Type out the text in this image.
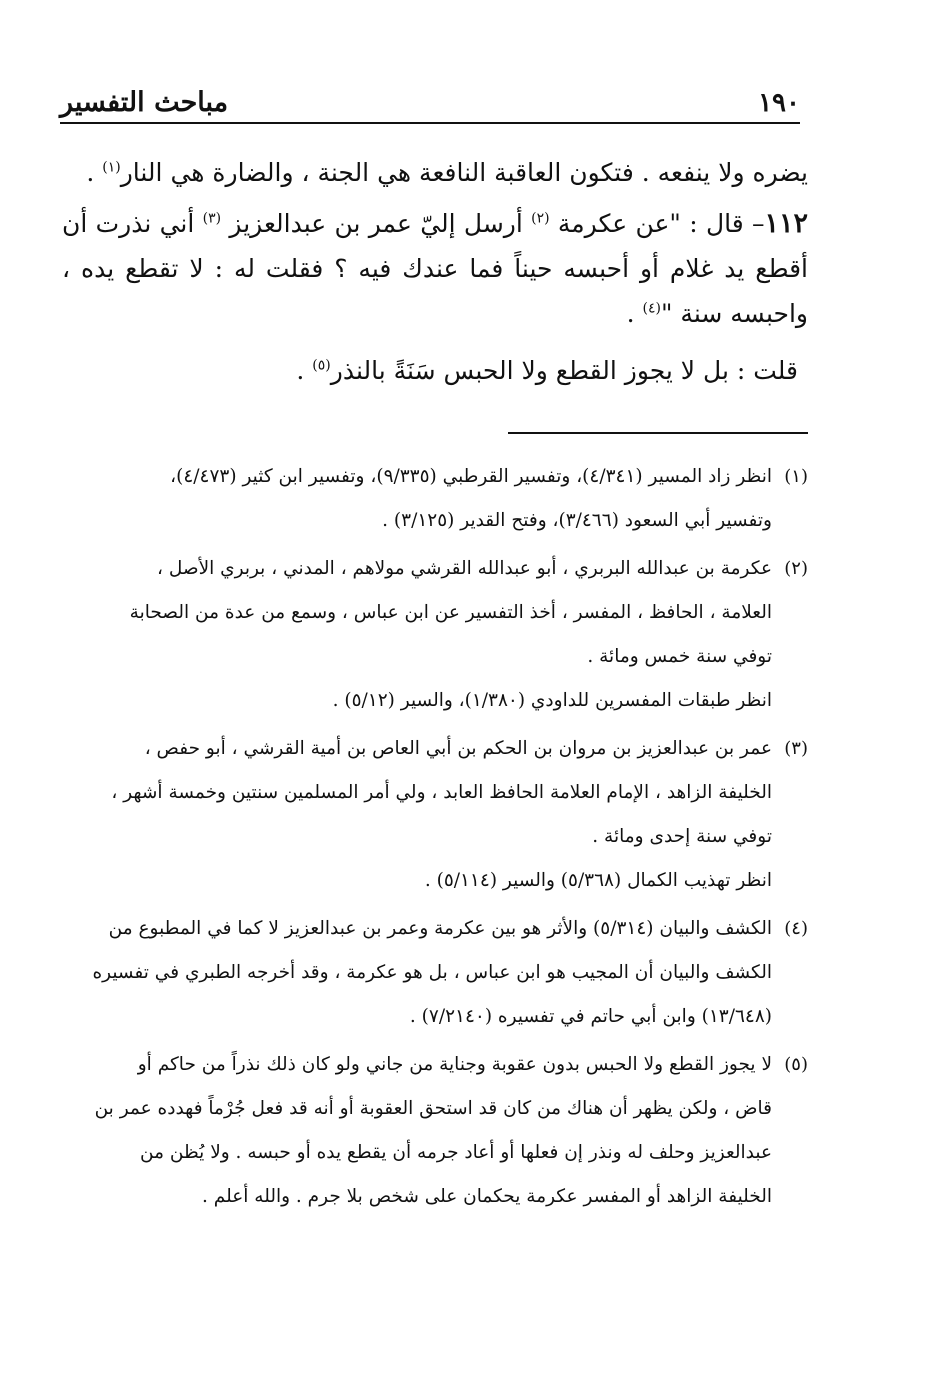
١٩٠
مباحث التفسير

يضره ولا ينفعه . فتكون العاقبة النافعة هي الجنة ، والضارة هي النار$^{(١)}$ .

١١٢– قال : "عن عكرمة $^{(٢)}$ أرسل إليّ عمر بن عبدالعزيز $^{(٣)}$ أني نذرت أن أقطع يد غلام أو أحبسه حيناً فما عندك فيه ؟ فقلت له : لا تقطع يده ، واحبسه سنة "$^{(٤)}$ .

قلت : بل لا يجوز القطع ولا الحبس سَنَةً بالنذر$^{(٥)}$ .

(١)

انظر زاد المسير (٤/٣٤١)، وتفسير القرطبي (٩/٣٣٥)، وتفسير ابن كثير (٤/٤٧٣)،

وتفسير أبي السعود (٣/٤٦٦)، وفتح القدير (٣/١٢٥) .

(٢)

عكرمة بن عبدالله البربري ، أبو عبدالله القرشي مولاهم ، المدني ، بربري الأصل ،

العلامة ، الحافظ ، المفسر ، أخذ التفسير عن ابن عباس ، وسمع من عدة من الصحابة

توفي سنة خمس ومائة .

انظر طبقات المفسرين للداودي (١/٣٨٠)، والسير (٥/١٢) .

(٣)

عمر بن عبدالعزيز بن مروان بن الحكم بن أبي العاص بن أمية القرشي ، أبو حفص ،

الخليفة الزاهد ، الإمام العلامة الحافظ العابد ، ولي أمر المسلمين سنتين وخمسة أشهر ،

توفي سنة إحدى ومائة .

انظر تهذيب الكمال (٥/٣٦٨) والسير (٥/١١٤) .

(٤)

الكشف والبيان (٥/٣١٤) والأثر هو بين عكرمة وعمر بن عبدالعزيز لا كما في المطبوع من

الكشف والبيان أن المجيب هو ابن عباس ، بل هو عكرمة ، وقد أخرجه الطبري في تفسيره

(١٣/٦٤٨) وابن أبي حاتم في تفسيره (٧/٢١٤٠) .

(٥)

لا يجوز القطع ولا الحبس بدون عقوبة وجناية من جاني ولو كان ذلك نذراً من حاكم أو

قاض ، ولكن يظهر أن هناك من كان قد استحق العقوبة أو أنه قد فعل جُرْماً فهدده عمر بن

عبدالعزيز وحلف له ونذر إن فعلها أو أعاد جرمه أن يقطع يده أو حبسه . ولا يُظن من

الخليفة الزاهد أو المفسر عكرمة يحكمان على شخص بلا جرم . والله أعلم .
